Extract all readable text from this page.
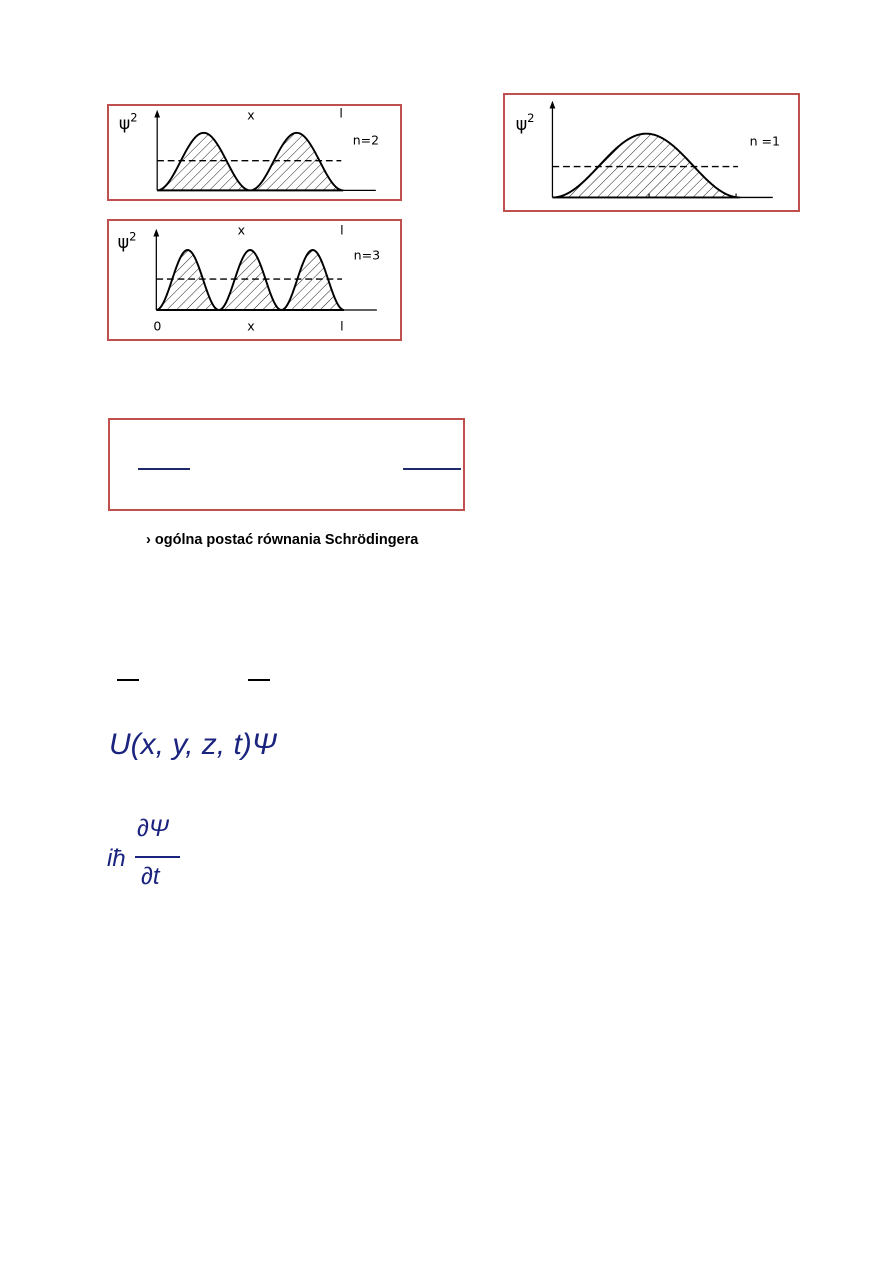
$\psi^2$	x	l
n=2
$\psi^2$	x	l
n=3
0	x	l
$\psi^2$
n =1
› ogólna postać równania Schrödingera
U(x, y, z, t)Ψ
iħ
∂Ψ
∂t
